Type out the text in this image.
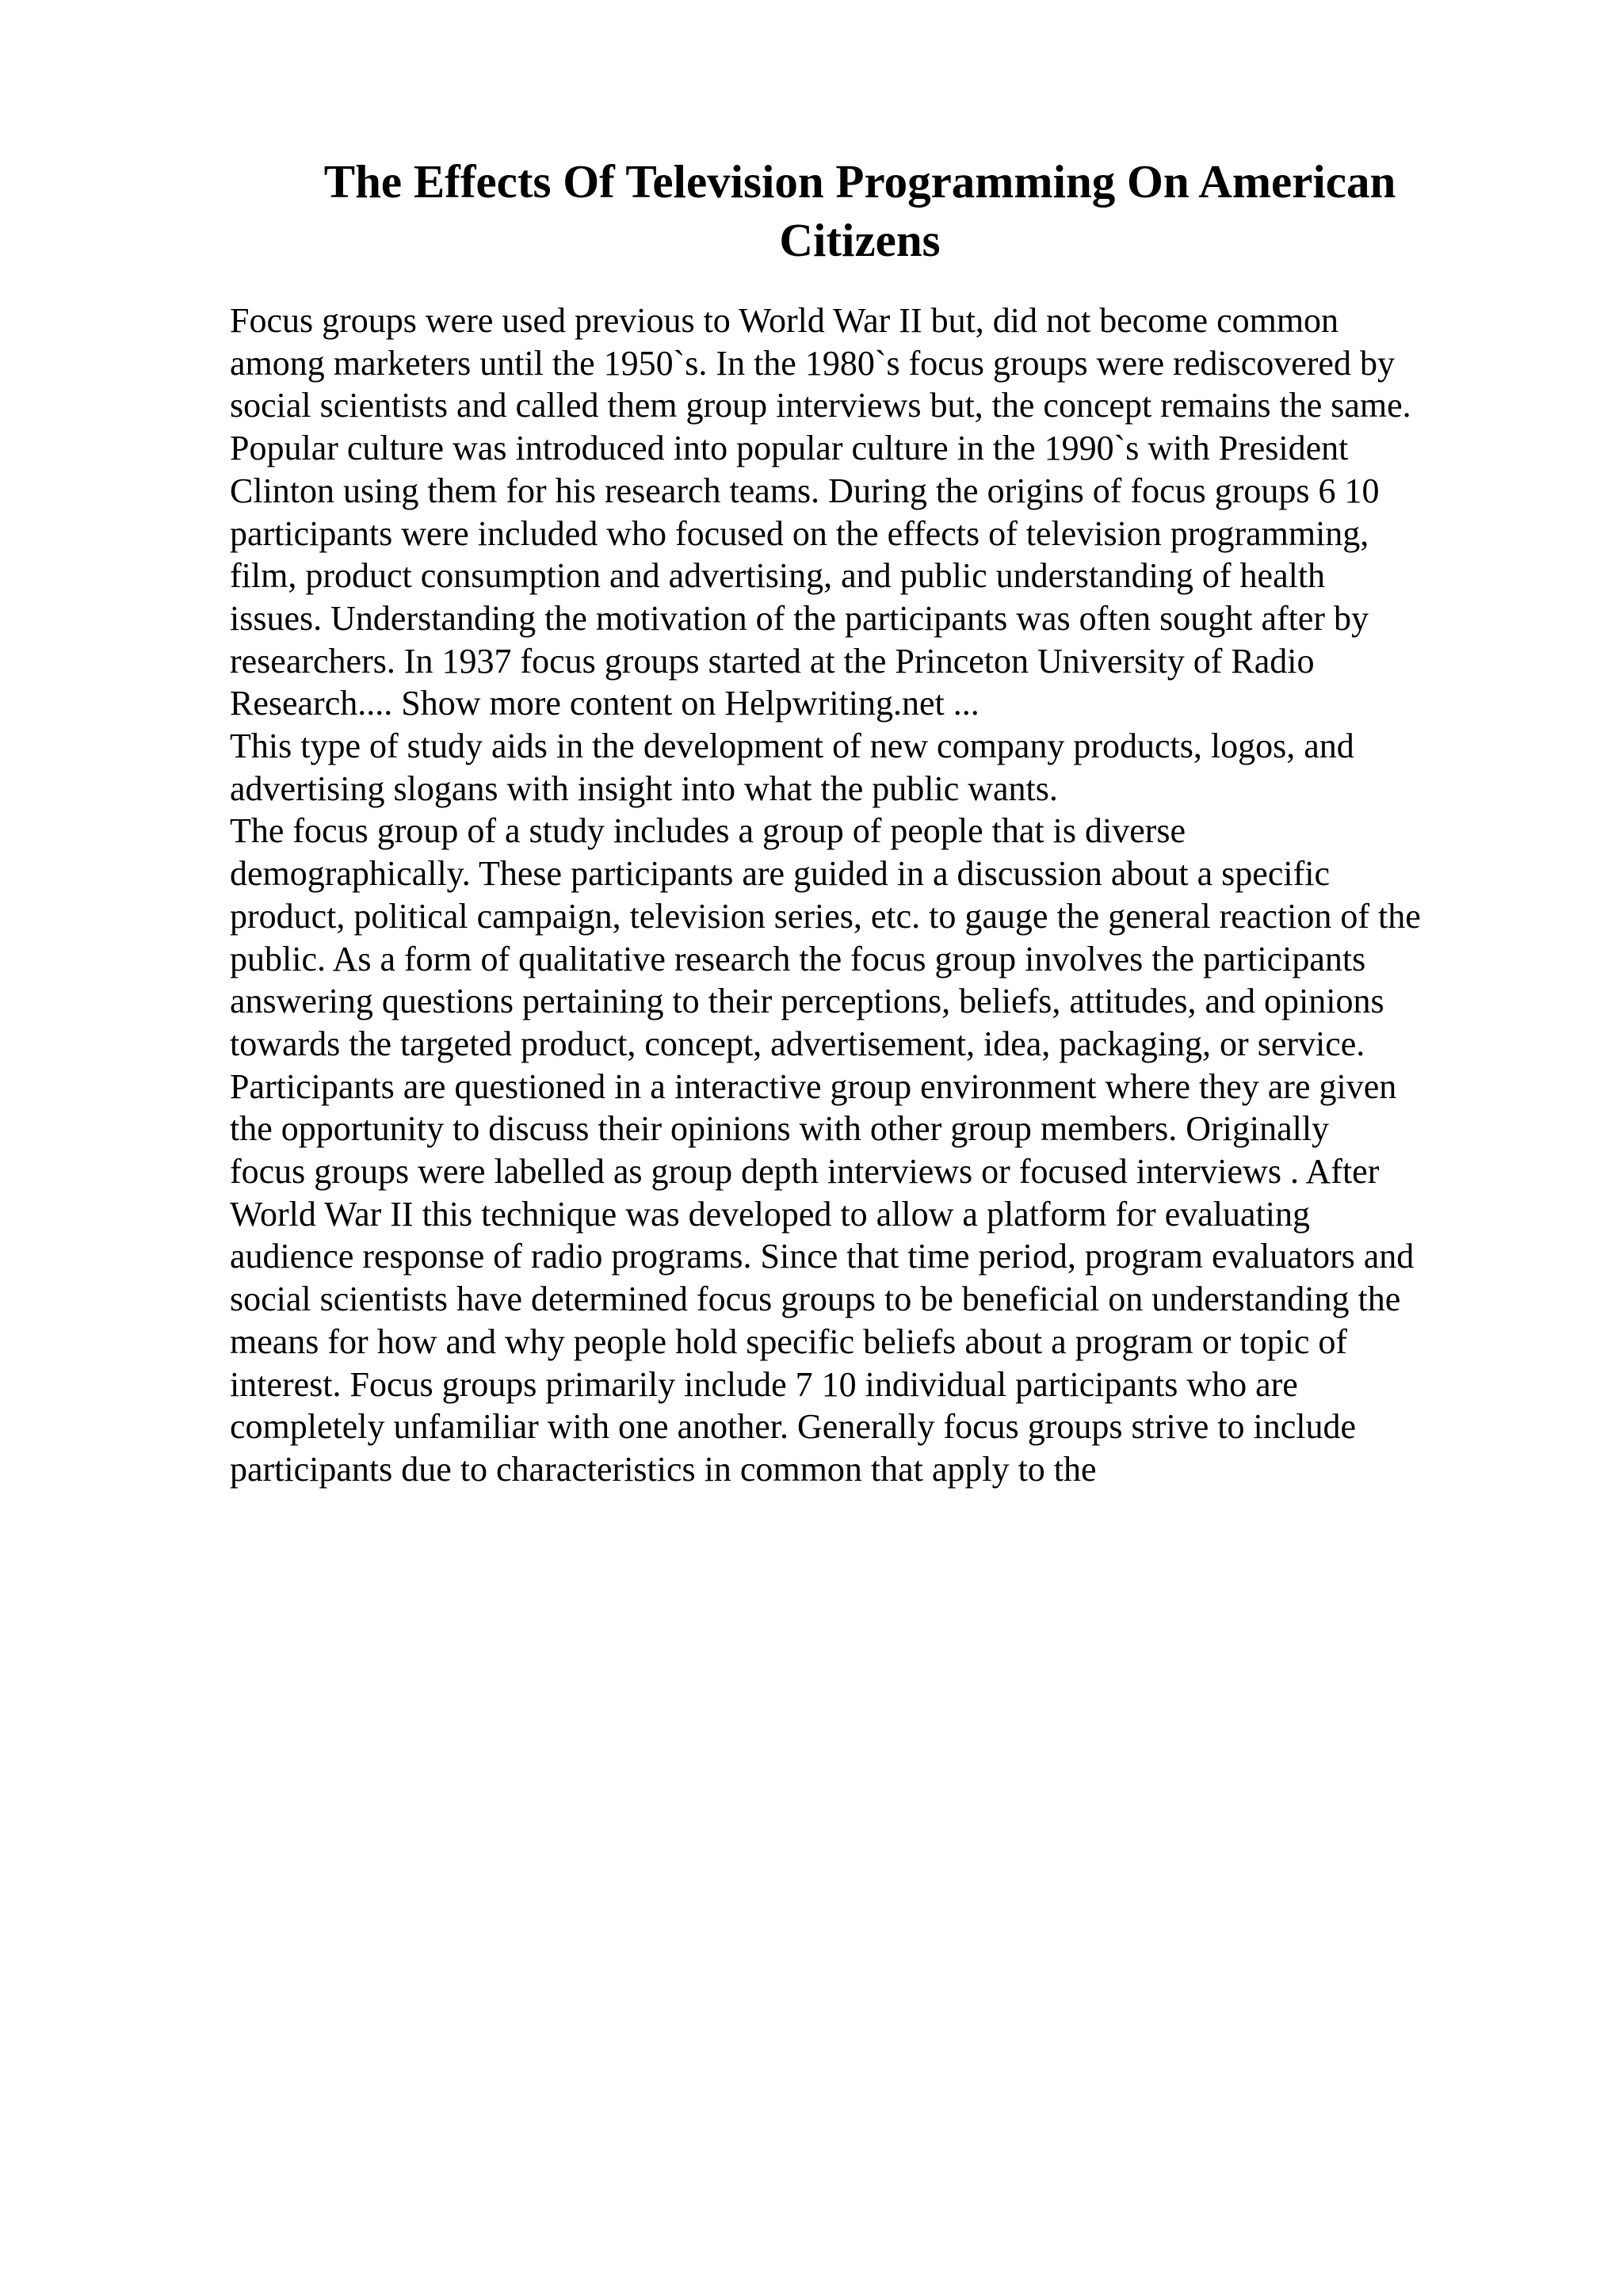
The Effects Of Television Programming On American
Citizens

Focus groups were used previous to World War II but, did not become common
among marketers until the 1950`s. In the 1980`s focus groups were rediscovered by
social scientists and called them group interviews but, the concept remains the same.
Popular culture was introduced into popular culture in the 1990`s with President
Clinton using them for his research teams. During the origins of focus groups 6 10
participants were included who focused on the effects of television programming,
film, product consumption and advertising, and public understanding of health
issues. Understanding the motivation of the participants was often sought after by
researchers. In 1937 focus groups started at the Princeton University of Radio
Research.... Show more content on Helpwriting.net ...

This type of study aids in the development of new company products, logos, and
advertising slogans with insight into what the public wants.

The focus group of a study includes a group of people that is diverse
demographically. These participants are guided in a discussion about a specific
product, political campaign, television series, etc. to gauge the general reaction of the
public. As a form of qualitative research the focus group involves the participants
answering questions pertaining to their perceptions, beliefs, attitudes, and opinions
towards the targeted product, concept, advertisement, idea, packaging, or service.
Participants are questioned in a interactive group environment where they are given
the opportunity to discuss their opinions with other group members. Originally
focus groups were labelled as group depth interviews or focused interviews . After
World War II this technique was developed to allow a platform for evaluating
audience response of radio programs. Since that time period, program evaluators and
social scientists have determined focus groups to be beneficial on understanding the
means for how and why people hold specific beliefs about a program or topic of
interest. Focus groups primarily include 7 10 individual participants who are
completely unfamiliar with one another. Generally focus groups strive to include
participants due to characteristics in common that apply to the
